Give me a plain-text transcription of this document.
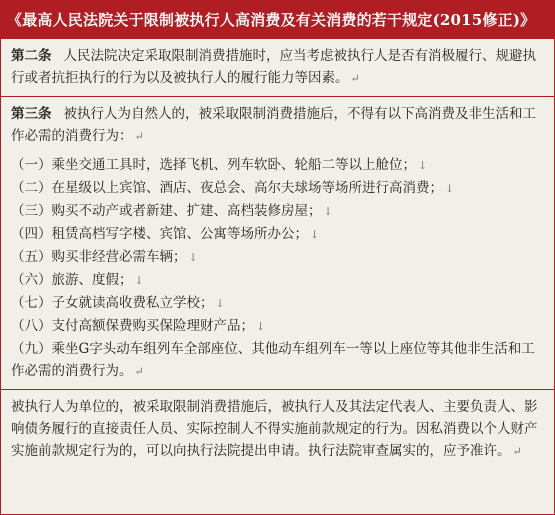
《最高人民法院关于限制被执行人高消费及有关消费的若干规定(2015修正)》

第二条 人民法院决定采取限制消费措施时，应当考虑被执行人是否有消极履行、规避执行或者抗拒执行的行为以及被执行人的履行能力等因素。 ↵

第三条 被执行人为自然人的，被采取限制消费措施后，不得有以下高消费及非生活和工作必需的消费行为： ↵

（一）乘坐交通工具时，选择飞机、列车软卧、轮船二等以上舱位； ↓

（二）在星级以上宾馆、酒店、夜总会、高尔夫球场等场所进行高消费； ↓

（三）购买不动产或者新建、扩建、高档装修房屋； ↓

（四）租赁高档写字楼、宾馆、公寓等场所办公； ↓

（五）购买非经营必需车辆； ↓

（六）旅游、度假； ↓

（七）子女就读高收费私立学校； ↓

（八）支付高额保费购买保险理财产品； ↓

（九）乘坐G字头动车组列车全部座位、其他动车组列车一等以上座位等其他非生活和工作必需的消费行为。 ↵

被执行人为单位的，被采取限制消费措施后，被执行人及其法定代表人、主要负责人、影响债务履行的直接责任人员、实际控制人不得实施前款规定的行为。因私消费以个人财产实施前款规定行为的，可以向执行法院提出申请。执行法院审查属实的，应予准许。 ↵
